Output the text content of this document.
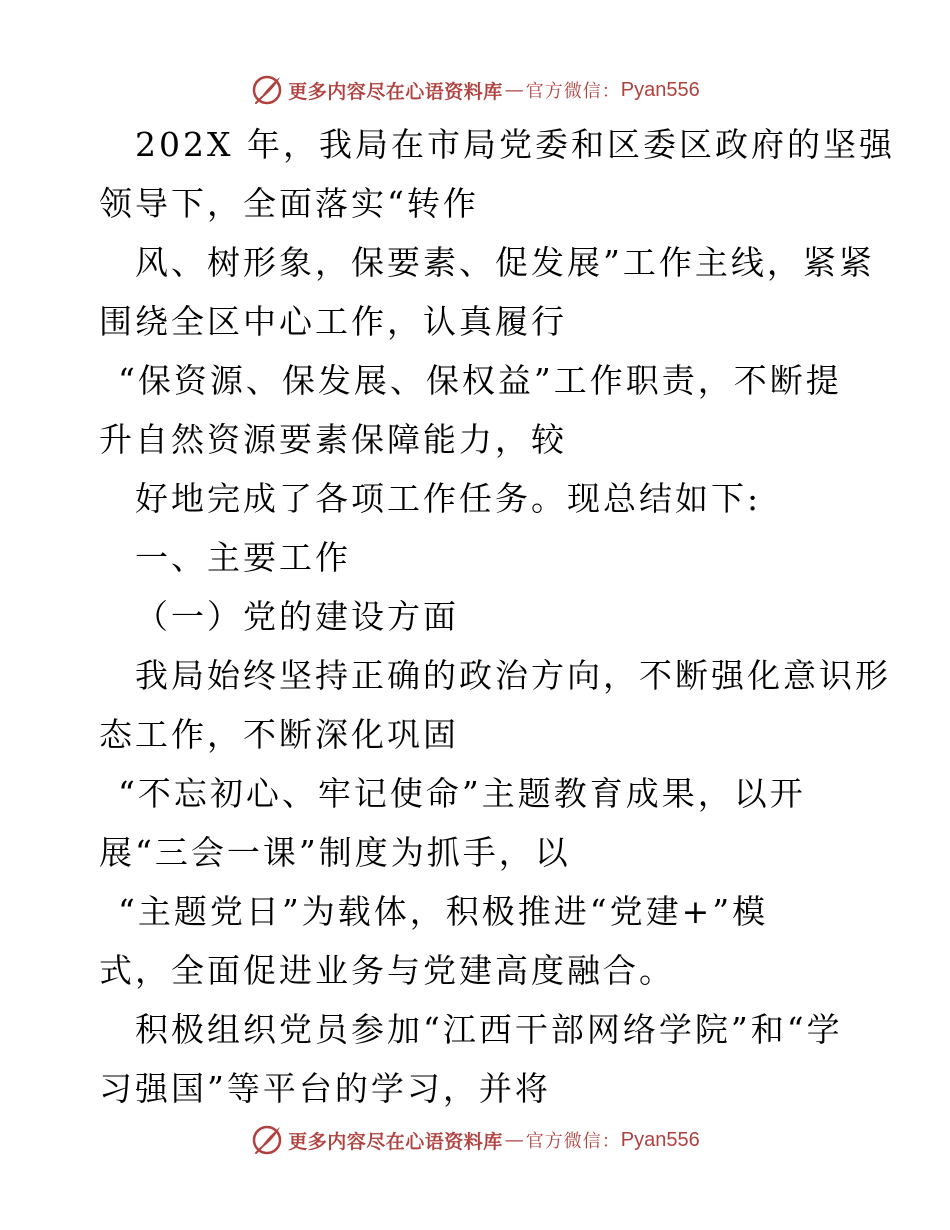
更多内容尽在心语资料库 — 官方微信： Pyan556
202X 年，我局在市局党委和区委区政府的坚强
领导下，全面落实“转作
风、树形象，保要素、促发展”工作主线，紧紧
围绕全区中心工作，认真履行
“保资源、保发展、保权益”工作职责，不断提
升自然资源要素保障能力，较
好地完成了各项工作任务。现总结如下:
一、主要工作
（一）党的建设方面
我局始终坚持正确的政治方向，不断强化意识形
态工作，不断深化巩固
“不忘初心、牢记使命”主题教育成果，以开
展“三会一课”制度为抓手，以
“主题党日”为载体，积极推进“党建+”模
式，全面促进业务与党建高度融合。
积极组织党员参加“江西干部网络学院”和“学
习强国”等平台的学习，并将
更多内容尽在心语资料库 — 官方微信： Pyan556
